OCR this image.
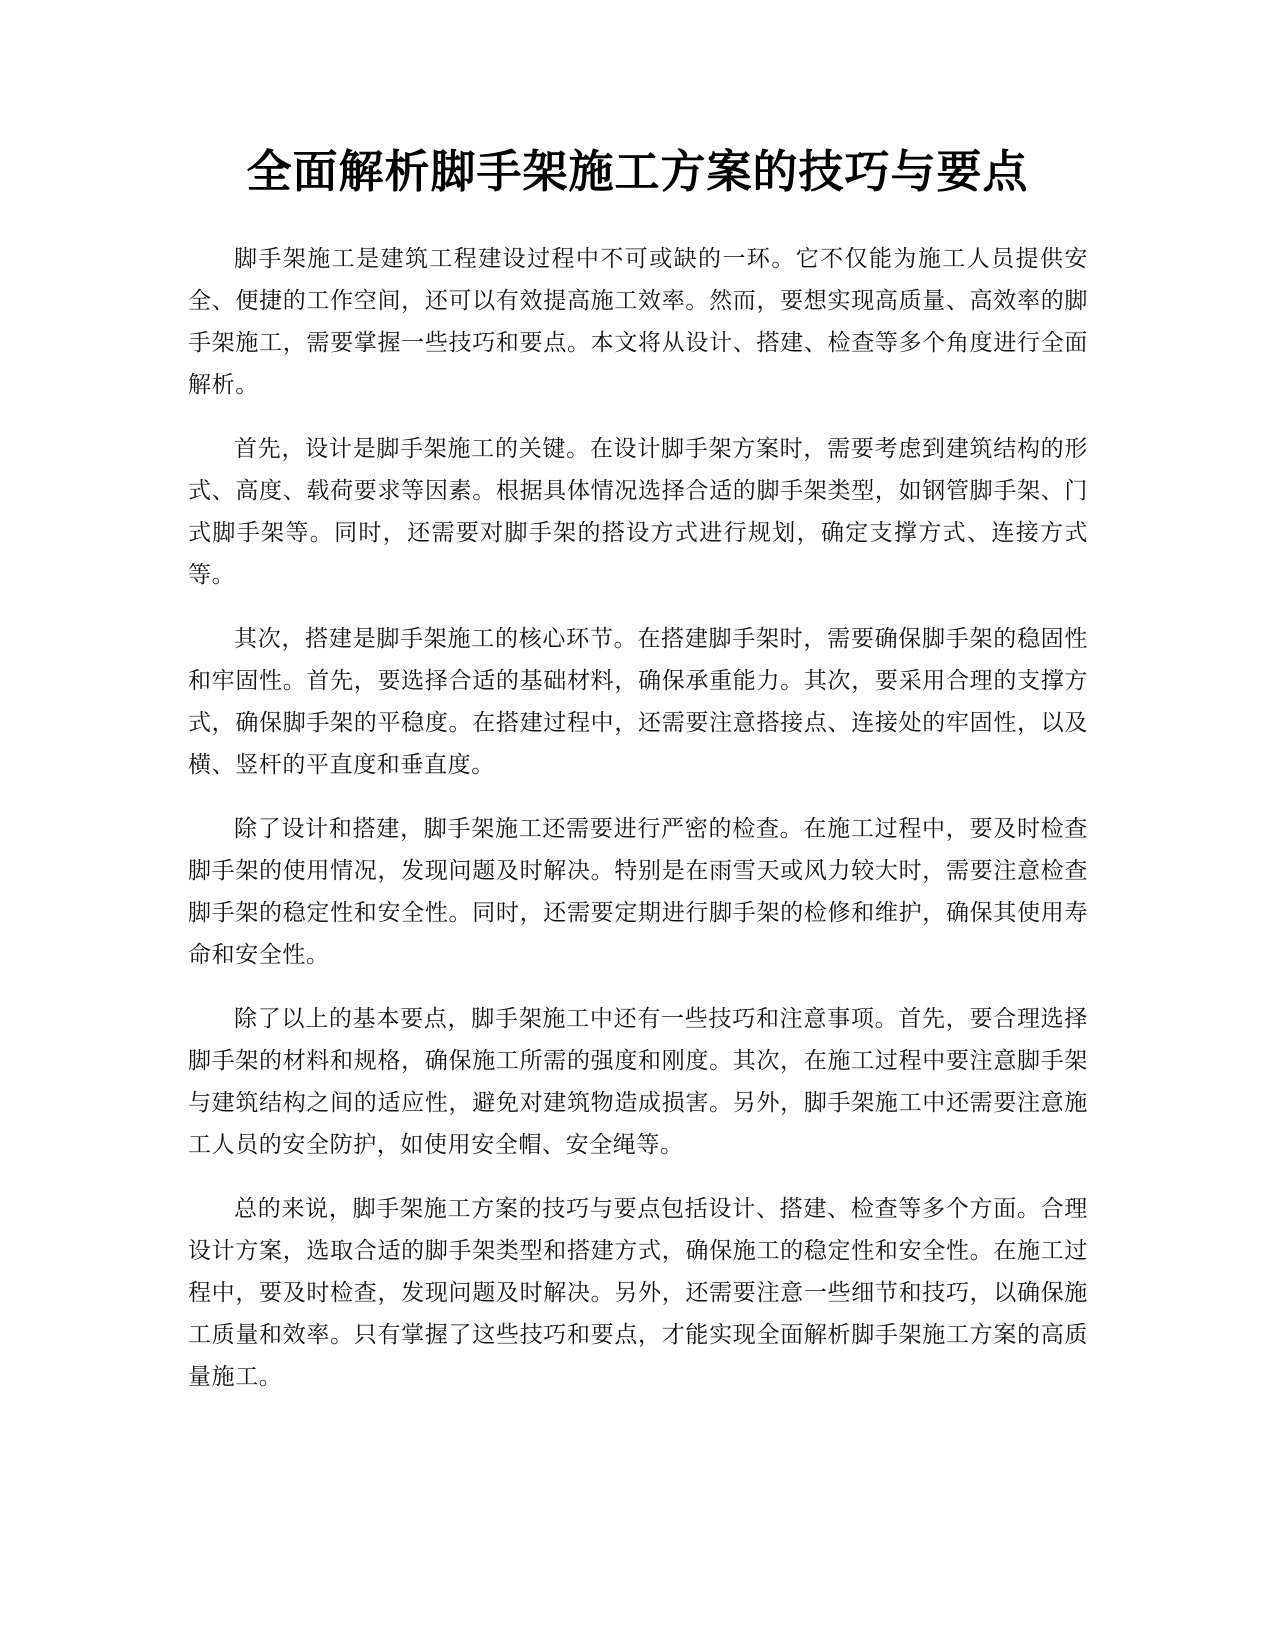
全面解析脚手架施工方案的技巧与要点

脚手架施工是建筑工程建设过程中不可或缺的一环。它不仅能为施工人员提供安全、便捷的工作空间，还可以有效提高施工效率。然而，要想实现高质量、高效率的脚手架施工，需要掌握一些技巧和要点。本文将从设计、搭建、检查等多个角度进行全面解析。

首先，设计是脚手架施工的关键。在设计脚手架方案时，需要考虑到建筑结构的形式、高度、载荷要求等因素。根据具体情况选择合适的脚手架类型，如钢管脚手架、门式脚手架等。同时，还需要对脚手架的搭设方式进行规划，确定支撑方式、连接方式等。

其次，搭建是脚手架施工的核心环节。在搭建脚手架时，需要确保脚手架的稳固性和牢固性。首先，要选择合适的基础材料，确保承重能力。其次，要采用合理的支撑方式，确保脚手架的平稳度。在搭建过程中，还需要注意搭接点、连接处的牢固性，以及横、竖杆的平直度和垂直度。

除了设计和搭建，脚手架施工还需要进行严密的检查。在施工过程中，要及时检查脚手架的使用情况，发现问题及时解决。特别是在雨雪天或风力较大时，需要注意检查脚手架的稳定性和安全性。同时，还需要定期进行脚手架的检修和维护，确保其使用寿命和安全性。

除了以上的基本要点，脚手架施工中还有一些技巧和注意事项。首先，要合理选择脚手架的材料和规格，确保施工所需的强度和刚度。其次，在施工过程中要注意脚手架与建筑结构之间的适应性，避免对建筑物造成损害。另外，脚手架施工中还需要注意施工人员的安全防护，如使用安全帽、安全绳等。

总的来说，脚手架施工方案的技巧与要点包括设计、搭建、检查等多个方面。合理设计方案，选取合适的脚手架类型和搭建方式，确保施工的稳定性和安全性。在施工过程中，要及时检查，发现问题及时解决。另外，还需要注意一些细节和技巧，以确保施工质量和效率。只有掌握了这些技巧和要点，才能实现全面解析脚手架施工方案的高质量施工。
